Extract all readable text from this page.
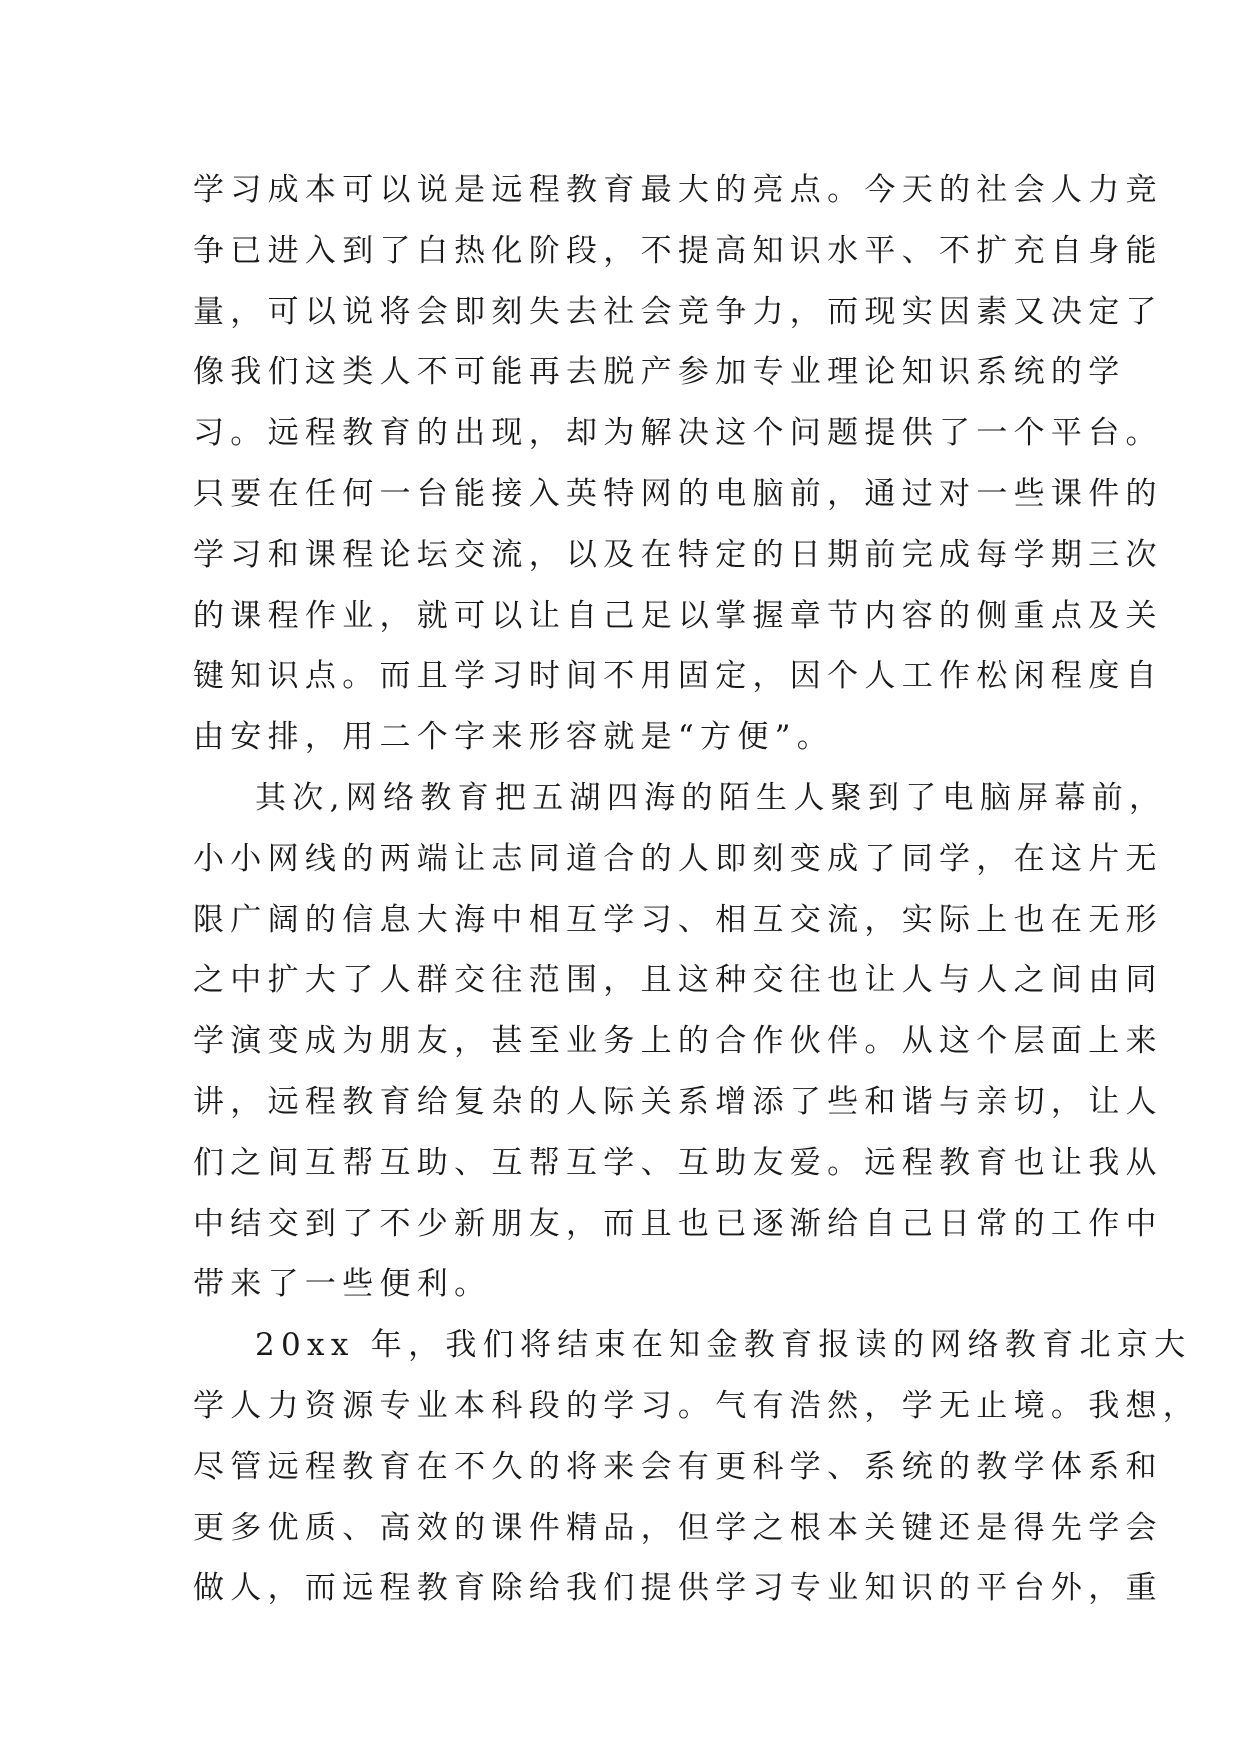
学习成本可以说是远程教育最大的亮点。今天的社会人力竞
争已进入到了白热化阶段，不提高知识水平、不扩充自身能
量，可以说将会即刻失去社会竞争力，而现实因素又决定了
像我们这类人不可能再去脱产参加专业理论知识系统的学
习。远程教育的出现，却为解决这个问题提供了一个平台。
只要在任何一台能接入英特网的电脑前，通过对一些课件的
学习和课程论坛交流，以及在特定的日期前完成每学期三次
的课程作业，就可以让自己足以掌握章节内容的侧重点及关
键知识点。而且学习时间不用固定，因个人工作松闲程度自
由安排，用二个字来形容就是“方便”。
其次,网络教育把五湖四海的陌生人聚到了电脑屏幕前，
小小网线的两端让志同道合的人即刻变成了同学，在这片无
限广阔的信息大海中相互学习、相互交流，实际上也在无形
之中扩大了人群交往范围，且这种交往也让人与人之间由同
学演变成为朋友，甚至业务上的合作伙伴。从这个层面上来
讲，远程教育给复杂的人际关系增添了些和谐与亲切，让人
们之间互帮互助、互帮互学、互助友爱。远程教育也让我从
中结交到了不少新朋友，而且也已逐渐给自己日常的工作中
带来了一些便利。
20xx 年，我们将结束在知金教育报读的网络教育北京大
学人力资源专业本科段的学习。气有浩然，学无止境。我想，
尽管远程教育在不久的将来会有更科学、系统的教学体系和
更多优质、高效的课件精品，但学之根本关键还是得先学会
做人，而远程教育除给我们提供学习专业知识的平台外，重
